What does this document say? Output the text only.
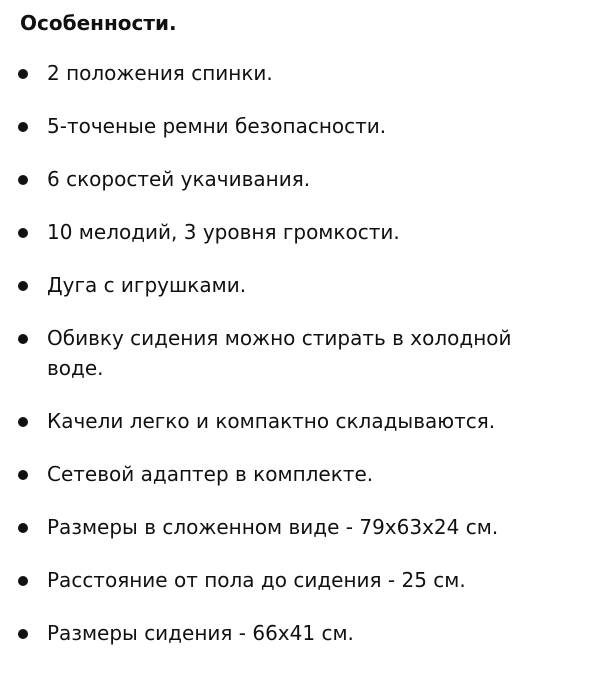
Особенности.
2 положения спинки.
5-точеные ремни безопасности.
6 скоростей укачивания.
10 мелодий, 3 уровня громкости.
Дуга с игрушками.
Обивку сидения можно стирать в холодной воде.
Качели легко и компактно складываются.
Сетевой адаптер в комплекте.
Размеры в сложенном виде - 79х63х24 см.
Расстояние от пола до сидения - 25 см.
Размеры сидения - 66х41 см.
